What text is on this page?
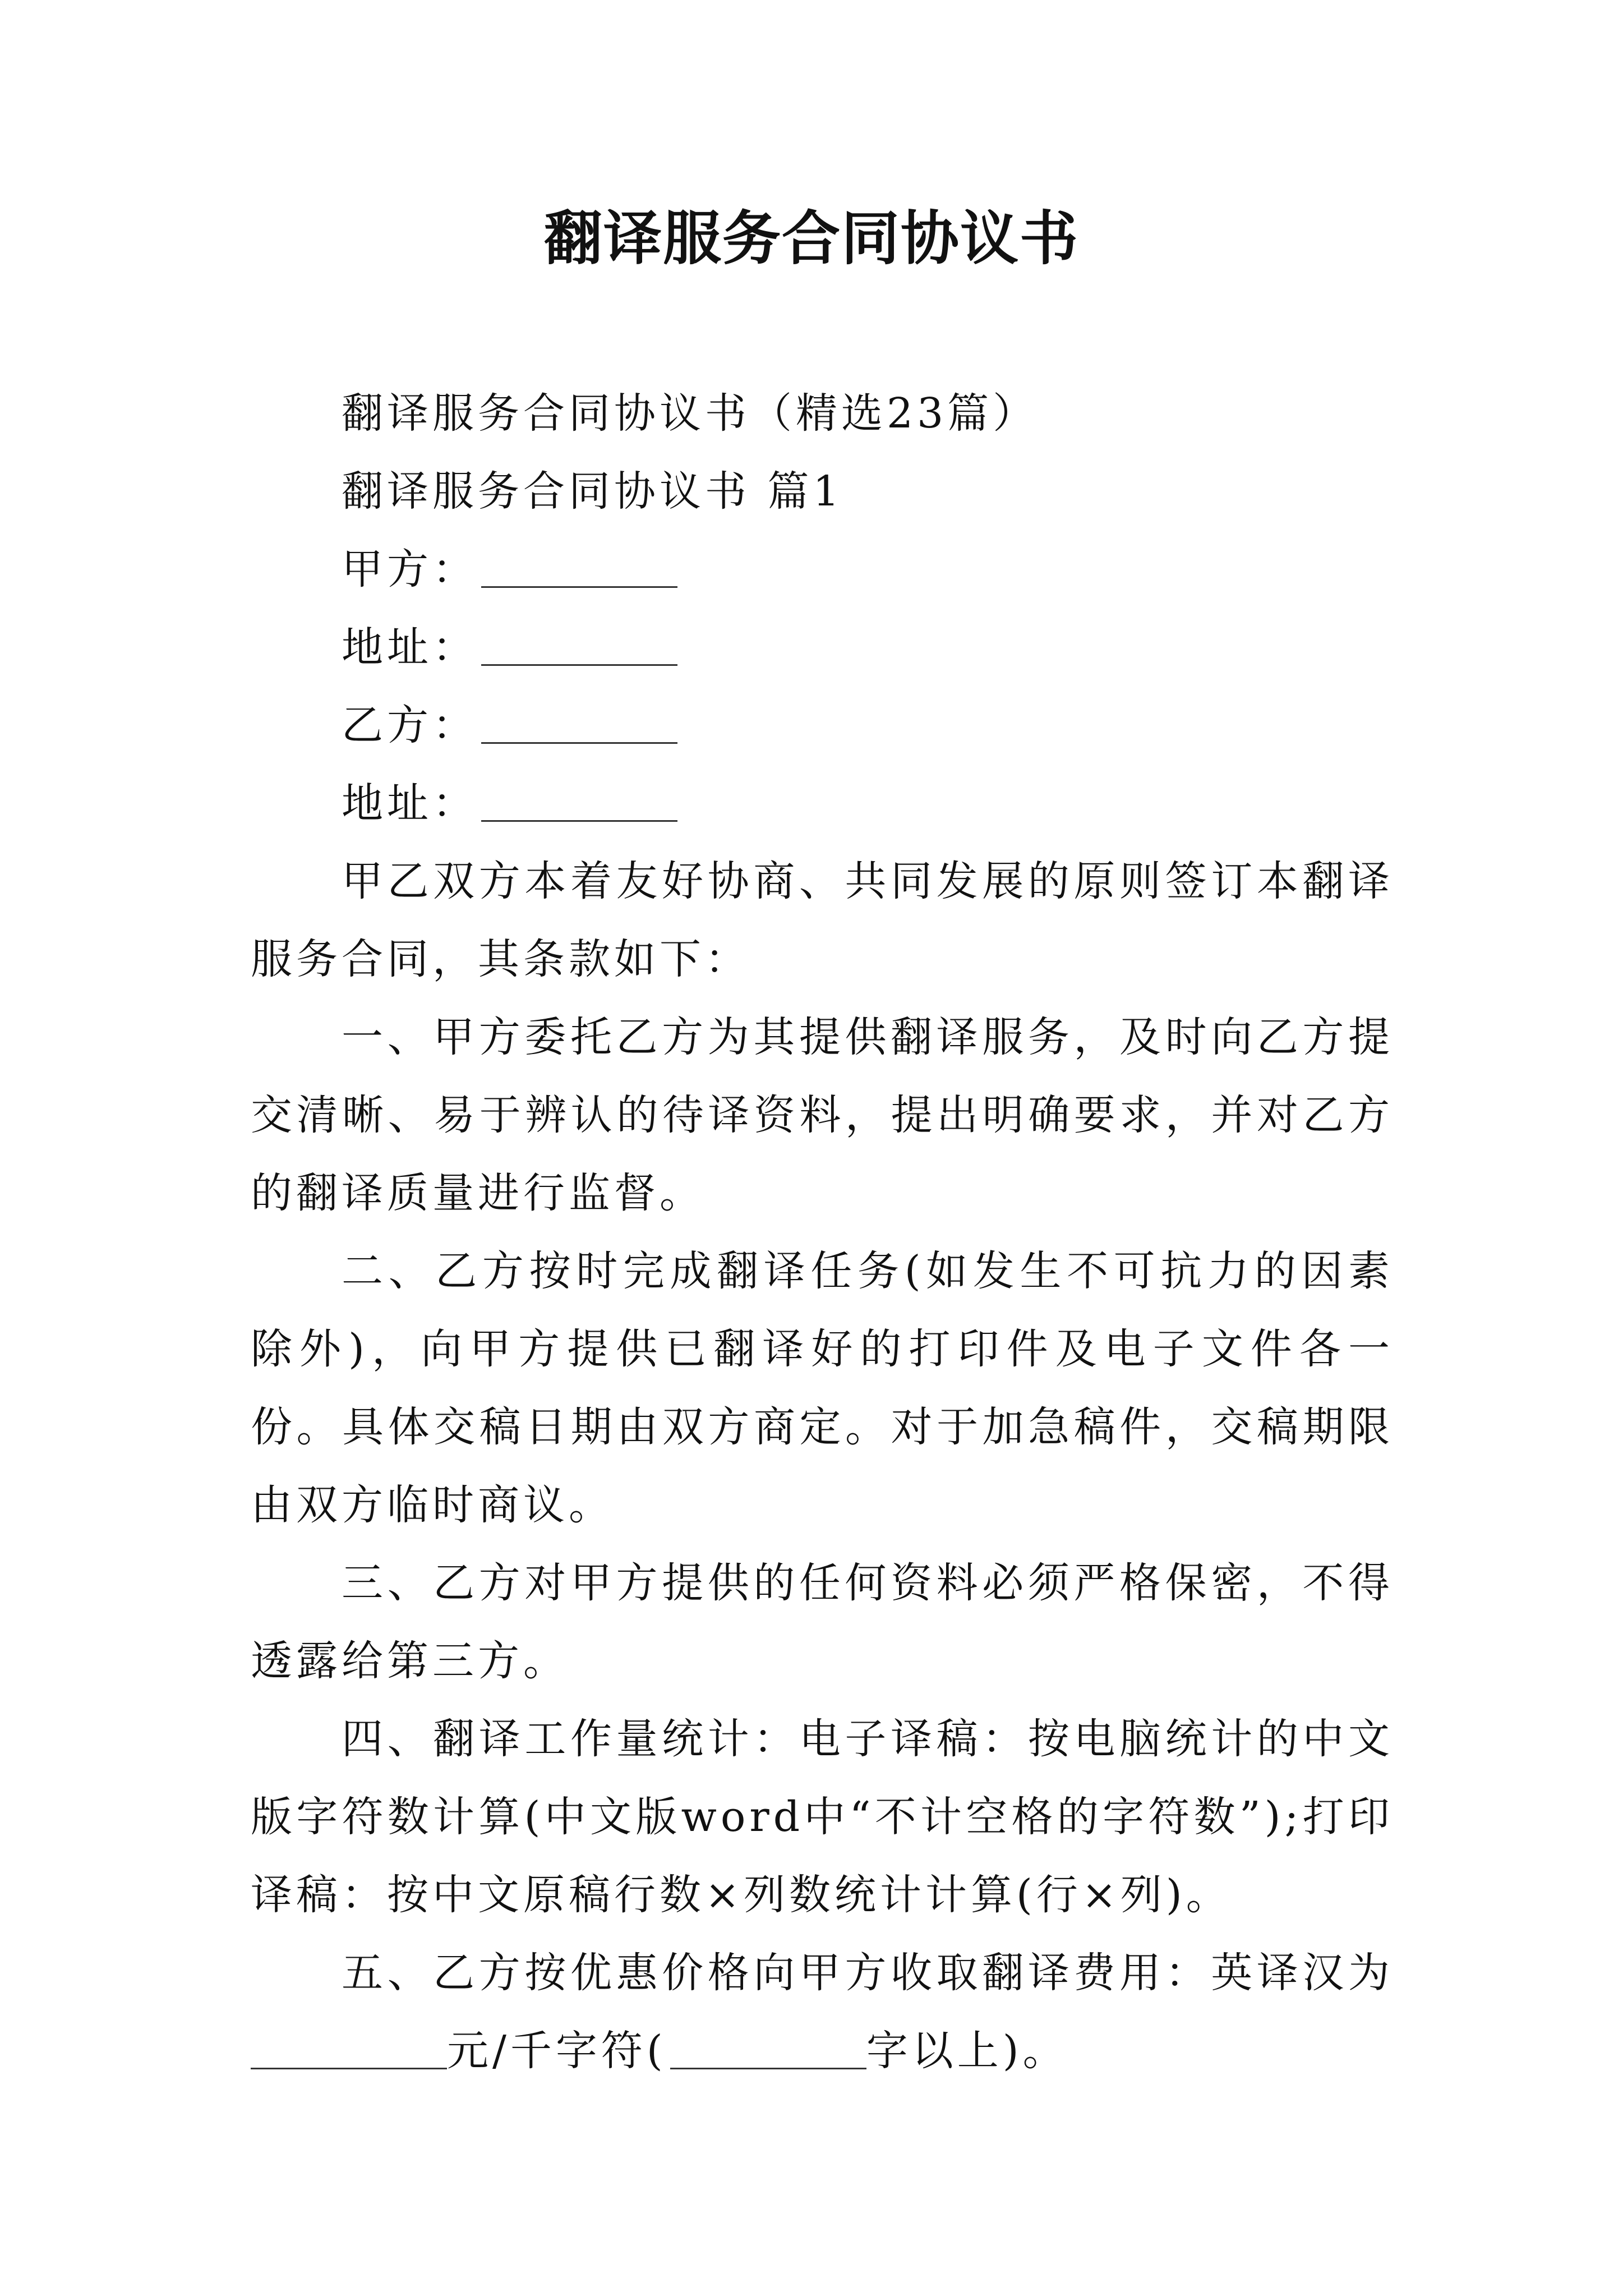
翻译服务合同协议书

翻译服务合同协议书（精选23篇）

翻译服务合同协议书 篇1

甲方：

地址：

乙方：

地址：

甲乙双方本着友好协商、共同发展的原则签订本翻译服务合同，其条款如下：

一、甲方委托乙方为其提供翻译服务，及时向乙方提交清晰、易于辨认的待译资料，提出明确要求，并对乙方的翻译质量进行监督。

二、乙方按时完成翻译任务(如发生不可抗力的因素除外)，向甲方提供已翻译好的打印件及电子文件各一份。具体交稿日期由双方商定。对于加急稿件，交稿期限由双方临时商议。

三、乙方对甲方提供的任何资料必须严格保密，不得透露给第三方。

四、翻译工作量统计：电子译稿：按电脑统计的中文版字符数计算(中文版word中“不计空格的字符数”);打印译稿：按中文原稿行数×列数统计计算(行×列)。

五、乙方按优惠价格向甲方收取翻译费用：英译汉为元/千字符(	字以上)。
